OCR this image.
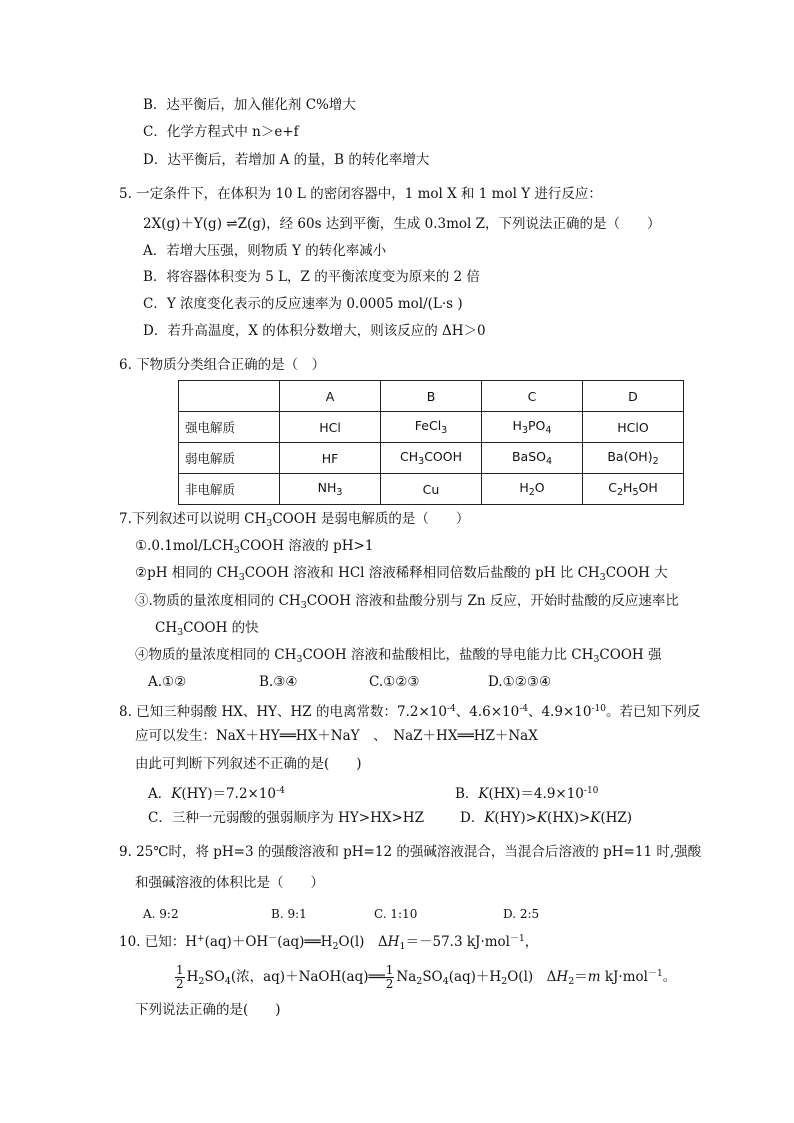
B．达平衡后，加入催化剂 C%增大
C．化学方程式中 n＞e+f
D．达平衡后，若增加 A 的量，B 的转化率增大
5. 一定条件下，在体积为 10 L 的密闭容器中，1 mol X 和 1 mol Y 进行反应：
2X(g)＋Y(g) ⇌Z(g)，经 60s 达到平衡，生成 0.3mol Z，下列说法正确的是（　　）
A．若增大压强，则物质 Y 的转化率减小
B．将容器体积变为 5 L，Z 的平衡浓度变为原来的 2 倍
C．Y 浓度变化表示的反应速率为 0.0005 mol/(L·s )
D．若升高温度，X 的体积分数增大，则该反应的 ΔH＞0
6. 下物质分类组合正确的是（　）
	A	B	C	D
强电解质	HCl	FeCl$_3$	$H_3PO_4$	HClO
弱电解质	HF	$CH_3COOH$	BaSO$_4$	$Ba(OH)_2$
非电解质	$NH_3$	Cu	$H_2O$	$C_2H_5OH$
7.下列叙述可以说明 $CH_3COOH$ 是弱电解质的是（　　）
$①.0.1mol/LCH_3COOH$ 溶液的 pH>1
②pH 相同的 $CH_3COOH$ 溶液和 HCl 溶液稀释相同倍数后盐酸的 pH 比 $CH_3COOH$ 大
③.物质的量浓度相同的 $CH_3COOH$ 溶液和盐酸分别与 Zn 反应，开始时盐酸的反应速率比
$CH_3COOH$ 的快
④物质的量浓度相同的 $CH_3COOH$ 溶液和盐酸相比，盐酸的导电能力比 $CH_3COOH$ 强
A.①②	B.③④	C.①②③	D.①②③④
8. 已知三种弱酸 HX、HY、HZ 的电离常数：$7.2\times 10^{-4}$、$4.6\times 10^{-4}$、$4.9\times 10^{-10}$。若已知下列反
应可以发生：NaX＋HY══HX＋NaY　、　NaZ＋HX══HZ＋NaX
由此可判断下列叙述不正确的是(　　)
A．$K(HY)=7.2\times 10^{-4}$	B．$K(HX)=4.9\times 10^{-10}$
C．三种一元弱酸的强弱顺序为 HY>HX>HZ	D．K(HY)>K(HX)>K(HZ)
9. 25℃时，将 pH=3 的强酸溶液和 pH=12 的强碱溶液混合，当混合后溶液的 pH=11 时,强酸
和强碱溶液的体积比是（　　）
A. 9:2	B. 9:1	C. 1:10	D. 2:5
10. 已知：$H^+(aq)+OH^-(aq)══H_2O(l)$　$\Delta H_1=-57.3$ kJ·mol$^{-1}$，
$\frac{1}{2} H_2SO_4$(浓，aq)＋NaOH(aq)══ $\frac{1}{2} Na_2SO_4(aq)+H_2O(l)$　$\Delta H_2=m$ kJ·mol$^{-1}$。
下列说法正确的是(　　)
